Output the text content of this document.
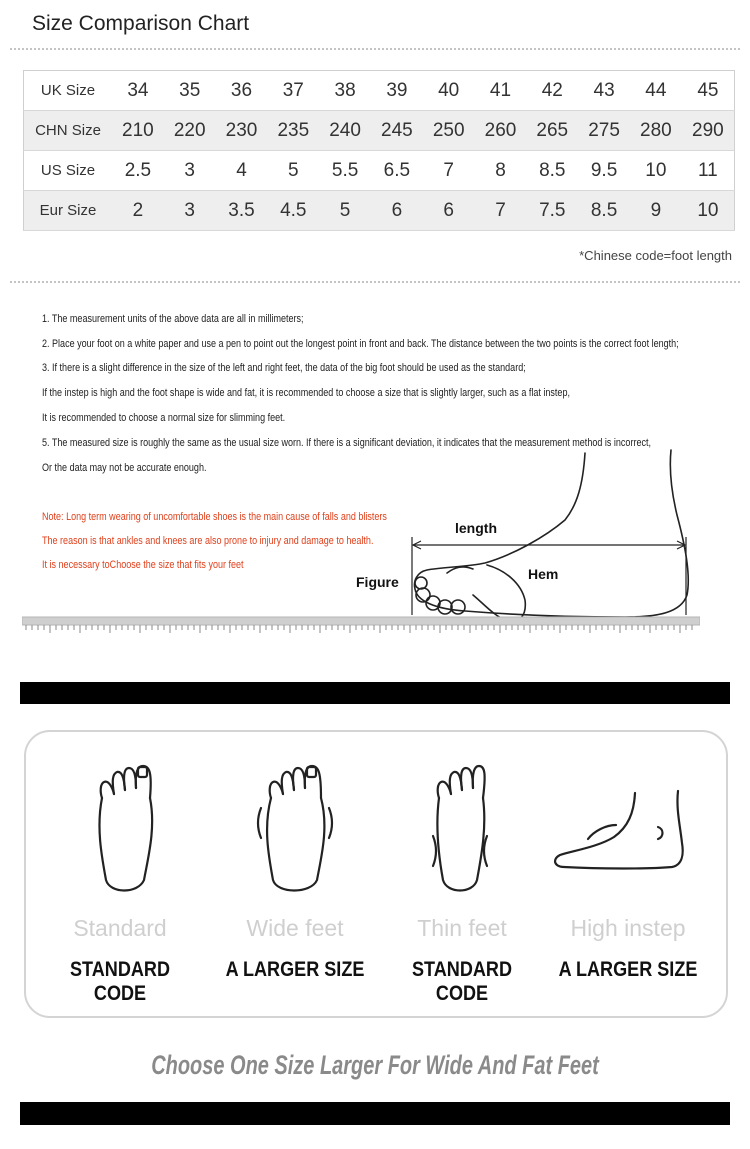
Size Comparison Chart
UK Size	34	35	36	37	38	39	40	41	42	43	44	45
CHN Size	210	220	230	235	240	245	250	260	265	275	280	290
US Size	2.5	3	4	5	5.5	6.5	7	8	8.5	9.5	10	11
Eur Size	2	3	3.5	4.5	5	6	6	7	7.5	8.5	9	10
*Chinese code=foot length
1. The measurement units of the above data are all in millimeters;
2. Place your foot on a white paper and use a pen to point out the longest point in front and back. The distance between the two points is the correct foot length;
3. If there is a slight difference in the size of the left and right feet, the data of the big foot should be used as the standard;
If the instep is high and the foot shape is wide and fat, it is recommended to choose a size that is slightly larger, such as a flat instep,
It is recommended to choose a normal size for slimming feet.
5. The measured size is roughly the same as the usual size worn. If there is a significant deviation, it indicates that the measurement method is incorrect,
Or the data may not be accurate enough.
Note: Long term wearing of uncomfortable shoes is the main cause of falls and blisters
The reason is that ankles and knees are also prone to injury and damage to health.
It is necessary toChoose the size that fits your feet
length
Hem
Figure
Standard	Wide feet	Thin feet	High instep
STANDARD CODE
A LARGER SIZE	STANDARD CODE
A LARGER SIZE
Choose One Size Larger For Wide And Fat Feet
